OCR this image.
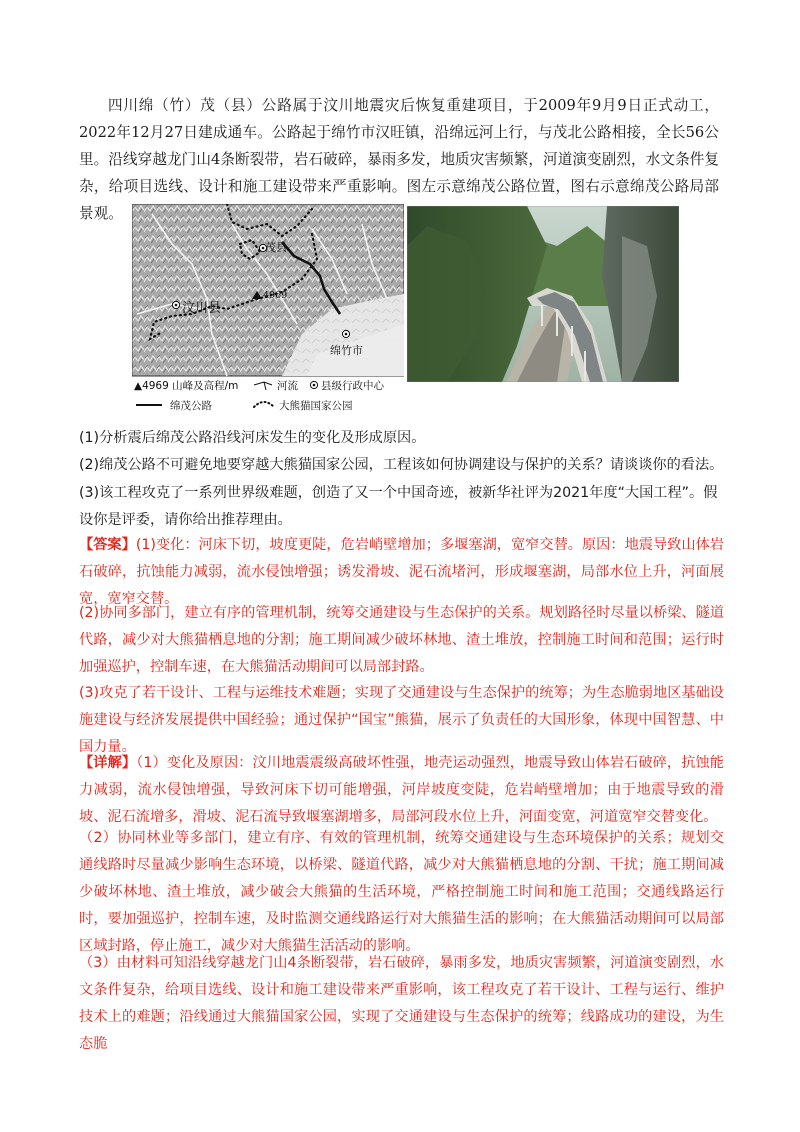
四川绵（竹）茂（县）公路属于汶川地震灾后恢复重建项目，于2009年9月9日正式动工，2022年12月27日建成通车。公路起于绵竹市汉旺镇，沿绵远河上行，与茂北公路相接，全长56公里。沿线穿越龙门山4条断裂带，岩石破碎，暴雨多发，地质灾害频繁，河道演变剧烈，水文条件复杂，给项目选线、设计和施工建设带来严重影响。图左示意绵茂公路位置，图右示意绵茂公路局部景观。

茂县
汶川县
绵竹市
4969
▲4969 山峰及高程/m	河流 县级行政中心
绵茂公路	大熊猫国家公园
(1)分析震后绵茂公路沿线河床发生的变化及形成原因。
(2)绵茂公路不可避免地要穿越大熊猫国家公园，工程该如何协调建设与保护的关系？请谈谈你的看法。
(3)该工程攻克了一系列世界级难题，创造了又一个中国奇迹，被新华社评为2021年度“大国工程”。假设你是评委，请你给出推荐理由。
【答案】(1)变化：河床下切，坡度更陡，危岩峭壁增加；多堰塞湖，宽窄交替。原因：地震导致山体岩石破碎，抗蚀能力减弱，流水侵蚀增强；诱发滑坡、泥石流堵河，形成堰塞湖，局部水位上升，河面展宽，宽窄交替。
(2)协同多部门，建立有序的管理机制，统筹交通建设与生态保护的关系。规划路径时尽量以桥梁、隧道代路，减少对大熊猫栖息地的分割；施工期间减少破坏林地、渣土堆放，控制施工时间和范围；运行时加强巡护，控制车速，在大熊猫活动期间可以局部封路。
(3)攻克了若干设计、工程与运维技术难题；实现了交通建设与生态保护的统筹；为生态脆弱地区基础设施建设与经济发展提供中国经验；通过保护“国宝”熊猫，展示了负责任的大国形象，体现中国智慧、中国力量。
【详解】（1）变化及原因：汶川地震震级高破坏性强，地壳运动强烈，地震导致山体岩石破碎，抗蚀能力减弱，流水侵蚀增强，导致河床下切可能增强，河岸坡度变陡，危岩峭壁增加；由于地震导致的滑坡、泥石流增多，滑坡、泥石流导致堰塞湖增多，局部河段水位上升，河面变宽，河道宽窄交替变化。
（2）协同林业等多部门，建立有序、有效的管理机制，统筹交通建设与生态环境保护的关系；规划交通线路时尽量减少影响生态环境，以桥梁、隧道代路，减少对大熊猫栖息地的分割、干扰；施工期间减少破坏林地、渣土堆放，减少破会大熊猫的生活环境，严格控制施工时间和施工范围；交通线路运行时，要加强巡护，控制车速，及时监测交通线路运行对大熊猫生活的影响；在大熊猫活动期间可以局部区域封路，停止施工，减少对大熊猫生活活动的影响。
（3）由材料可知沿线穿越龙门山4条断裂带，岩石破碎，暴雨多发，地质灾害频繁，河道演变剧烈，水文条件复杂，给项目选线、设计和施工建设带来严重影响，该工程攻克了若干设计、工程与运行、维护技术上的难题；沿线通过大熊猫国家公园，实现了交通建设与生态保护的统筹；线路成功的建设，为生态脆
